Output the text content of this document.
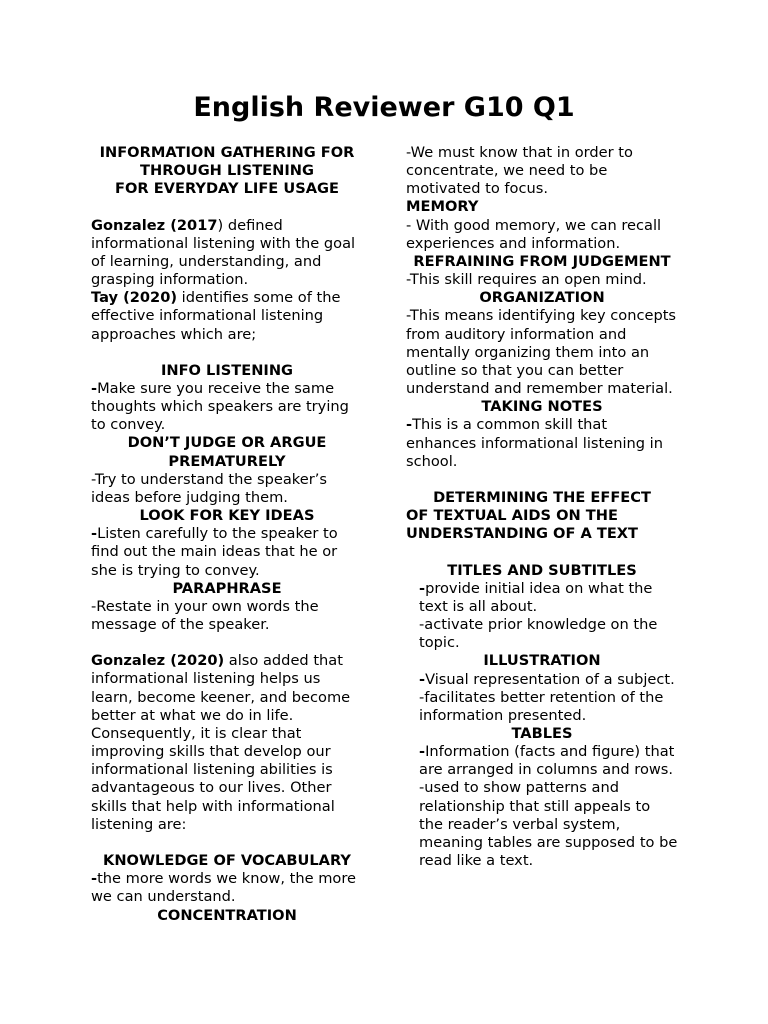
English Reviewer G10 Q1

INFORMATION GATHERING FOR

THROUGH LISTENING

FOR EVERYDAY LIFE USAGE

Gonzalez (2017) defined informational listening with the goal of learning, understanding, and grasping information.

Tay (2020) identifies some of the effective informational listening approaches which are;

INFO LISTENING

-Make sure you receive the same thoughts which speakers are trying to convey.

DON’T JUDGE OR ARGUE PREMATURELY

-Try to understand the speaker’s ideas before judging them.

LOOK FOR KEY IDEAS

-Listen carefully to the speaker to find out the main ideas that he or she is trying to convey.

PARAPHRASE

-Restate in your own words the message of the speaker.

Gonzalez (2020) also added that informational listening helps us learn, become keener, and become better at what we do in life. Consequently, it is clear that improving skills that develop our informational listening abilities is advantageous to our lives. Other skills that help with informational listening are:

KNOWLEDGE OF VOCABULARY

-the more words we know, the more we can understand.

CONCENTRATION

-We must know that in order to concentrate, we need to be motivated to focus.

MEMORY

- With good memory, we can recall experiences and information.

REFRAINING FROM JUDGEMENT

-This skill requires an open mind.

ORGANIZATION

-This means identifying key concepts from auditory information and mentally organizing them into an outline so that you can better understand and remember material.

TAKING NOTES

-This is a common skill that enhances informational listening in school.

DETERMINING THE EFFECT

OF TEXTUAL AIDS ON THE

UNDERSTANDING OF A TEXT

TITLES AND SUBTITLES

-provide initial idea on what the text is all about.

-activate prior knowledge on the topic.

ILLUSTRATION

-Visual representation of a subject.

-facilitates better retention of the information presented.

TABLES

-Information (facts and figure) that are arranged in columns and rows.

-used to show patterns and relationship that still appeals to the reader’s verbal system, meaning tables are supposed to be read like a text.
